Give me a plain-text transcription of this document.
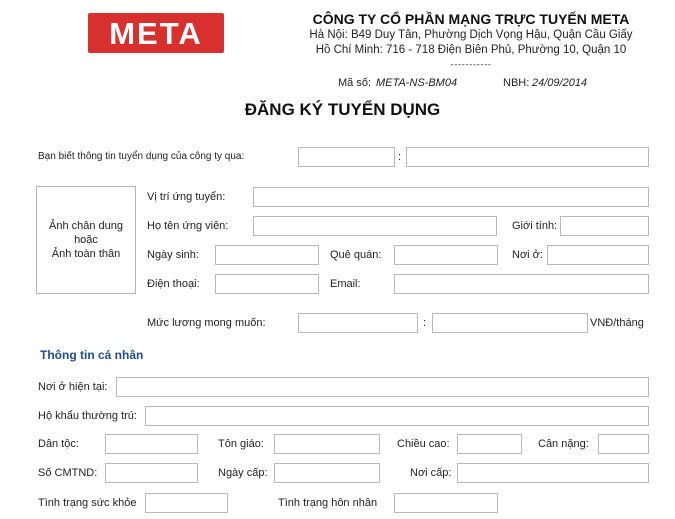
META	CÔNG TY CỔ PHẦN MẠNG TRỰC TUYẾN META
Hà Nội: B49 Duy Tân, Phường Dịch Vọng Hậu, Quận Cầu Giấy
Hồ Chí Minh: 716 - 718 Điện Biên Phủ, Phường 10, Quận 10
-----------
Mã số: META-NS-BM04	NBH: 24/09/2014
ĐĂNG KÝ TUYỂN DỤNG
Bạn biết thông tin tuyển dụng của công ty qua:	:
Ảnh chân dung
hoặc
Ảnh toàn thân
Vị trí ứng tuyển:
Họ tên ứng viên:	Giới tính:
Ngày sinh:	Quê quán:	Nơi ở:
Điện thoại:	Email:
Mức lương mong muốn:	:	VNĐ/tháng
Thông tin cá nhân
Nơi ở hiện tại:
Hộ khẩu thường trú:
Dân tộc:	Tôn giáo:	Chiều cao:	Cân nặng:
Số CMTND:	Ngày cấp:	Nơi cấp:
Tình trạng sức khỏe	Tình trạng hôn nhân
